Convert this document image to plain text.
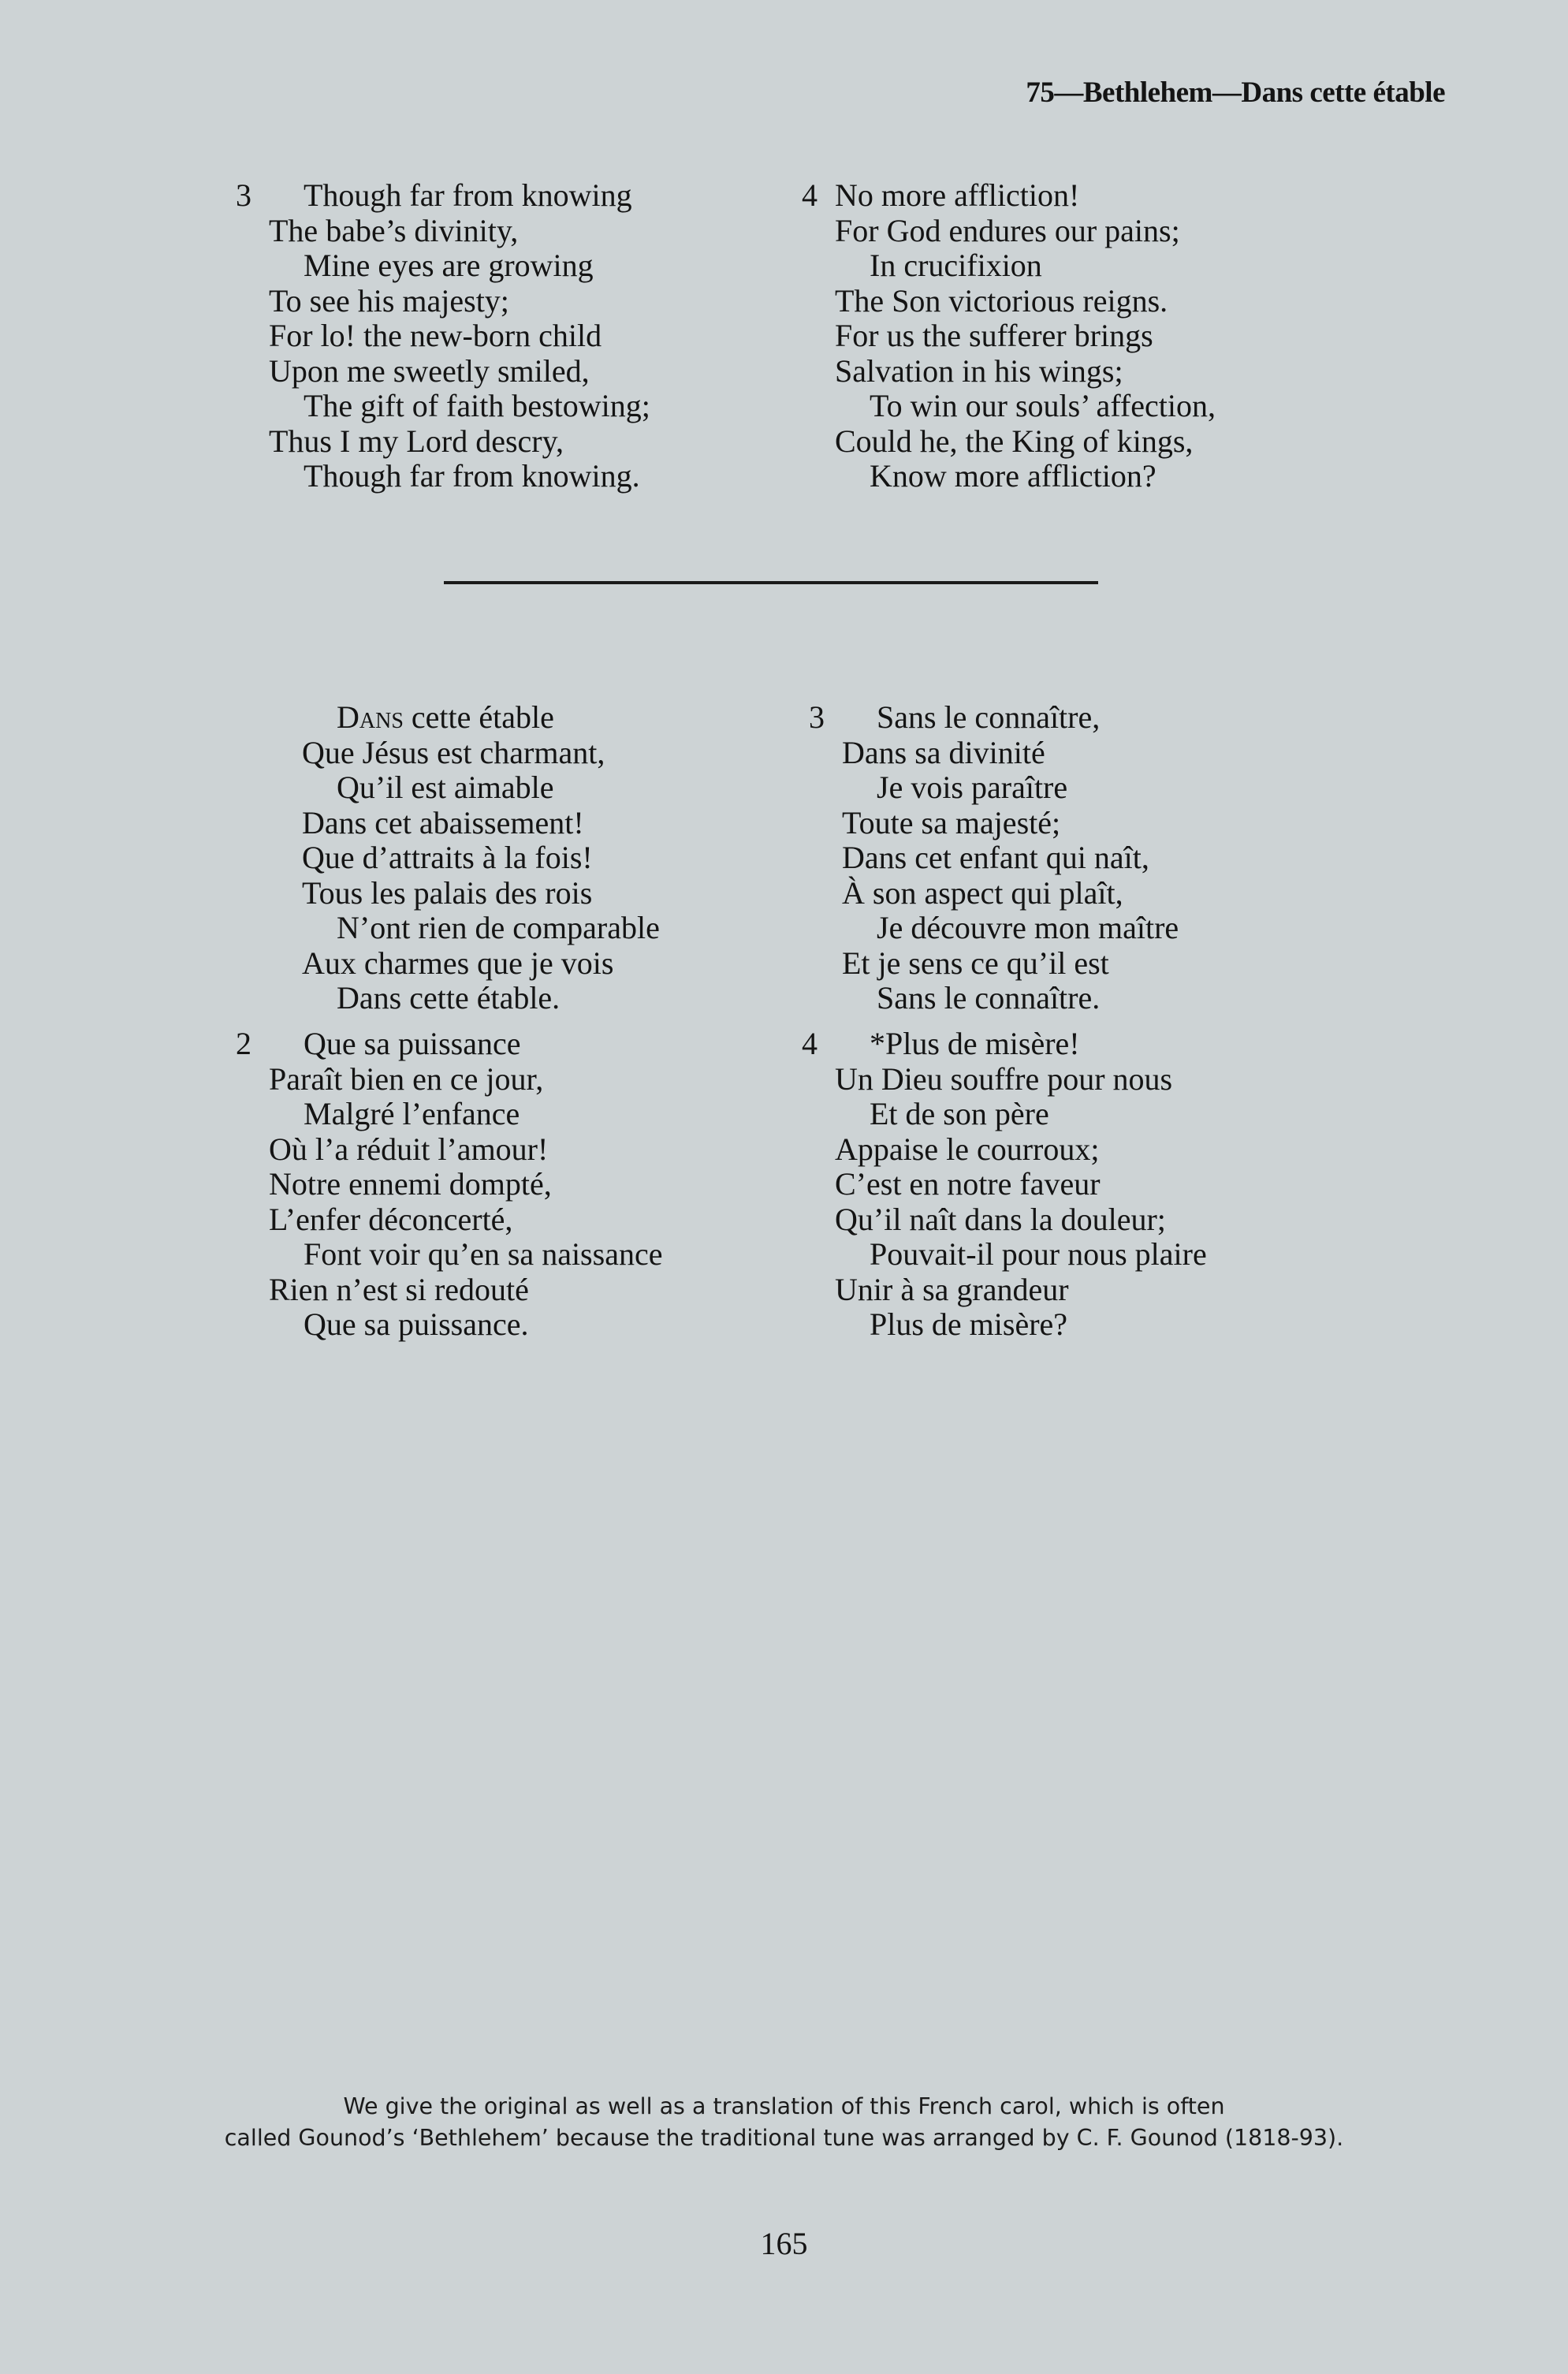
75—Bethlehem—Dans cette étable
3	Though far from knowing
The babe’s divinity,
Mine eyes are growing
To see his majesty;
For lo! the new-born child
Upon me sweetly smiled,
The gift of faith bestowing;
Thus I my Lord descry,
Though far from knowing.
4 No more affliction!
For God endures our pains;
In crucifixion
The Son victorious reigns.
For us the sufferer brings
Salvation in his wings;
To win our souls’ affection,
Could he, the King of kings,
Know more affliction?
Dans cette étable
Que Jésus est charmant,
Qu’il est aimable
Dans cet abaissement!
Que d’attraits à la fois!
Tous les palais des rois
N’ont rien de comparable
Aux charmes que je vois
Dans cette étable.
2	Que sa puissance
Paraît bien en ce jour,
Malgré l’enfance
Où l’a réduit l’amour!
Notre ennemi dompté,
L’enfer déconcerté,
Font voir qu’en sa naissance
Rien n’est si redouté
Que sa puissance.
3	Sans le connaître,
Dans sa divinité
Je vois paraître
Toute sa majesté;
Dans cet enfant qui naît,
À son aspect qui plaît,
Je découvre mon maître
Et je sens ce qu’il est
Sans le connaître.
4	*Plus de misère!
Un Dieu souffre pour nous
Et de son père
Appaise le courroux;
C’est en notre faveur
Qu’il naît dans la douleur;
Pouvait-il pour nous plaire
Unir à sa grandeur
Plus de misère?
We give the original as well as a translation of this French carol, which is often
called Gounod’s ‘Bethlehem’ because the traditional tune was arranged by C. F. Gounod (1818-93).
165
